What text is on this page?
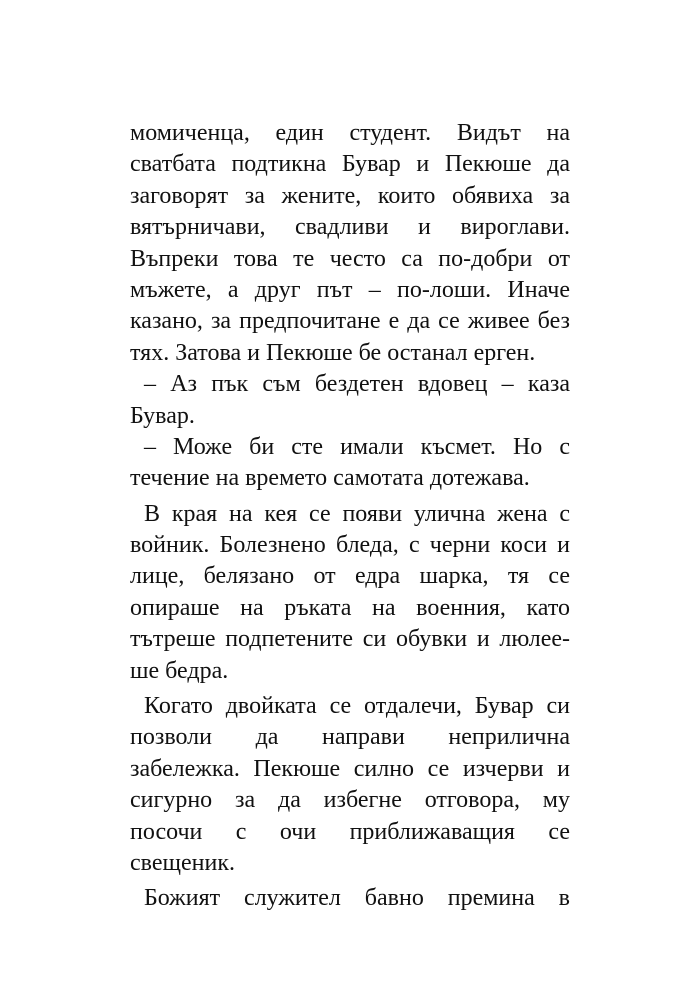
момиченца, един студент. Видът на
сватбата подтикна Бувар и Пекюше да
заговорят за жените, които обявиха за
вятърничави, свадливи и вироглави.
Въпреки това те често са по-добри от
мъжете, а друг път – по-лоши. Иначе
казано, за предпочитане е да се живее без
тях. Затова и Пекюше бе останал ерген.
– Аз пък съм бездетен вдовец – каза
Бувар.
– Може би сте имали късмет. Но с
течение на времето самотата дотежава.
В края на кея се появи улична жена с
войник. Болезнено бледа, с черни коси и
лице, белязано от едра шарка, тя се
опираше на ръката на военния, като
тътреше подпетените си обувки и люлее-
ше бедра.
Когато двойката се отдалечи, Бувар си
позволи да направи неприлична
забележка. Пекюше силно се изчерви и
сигурно за да избегне отговора, му
посочи с очи приближаващия се
свещеник.
Божият служител бавно премина в
